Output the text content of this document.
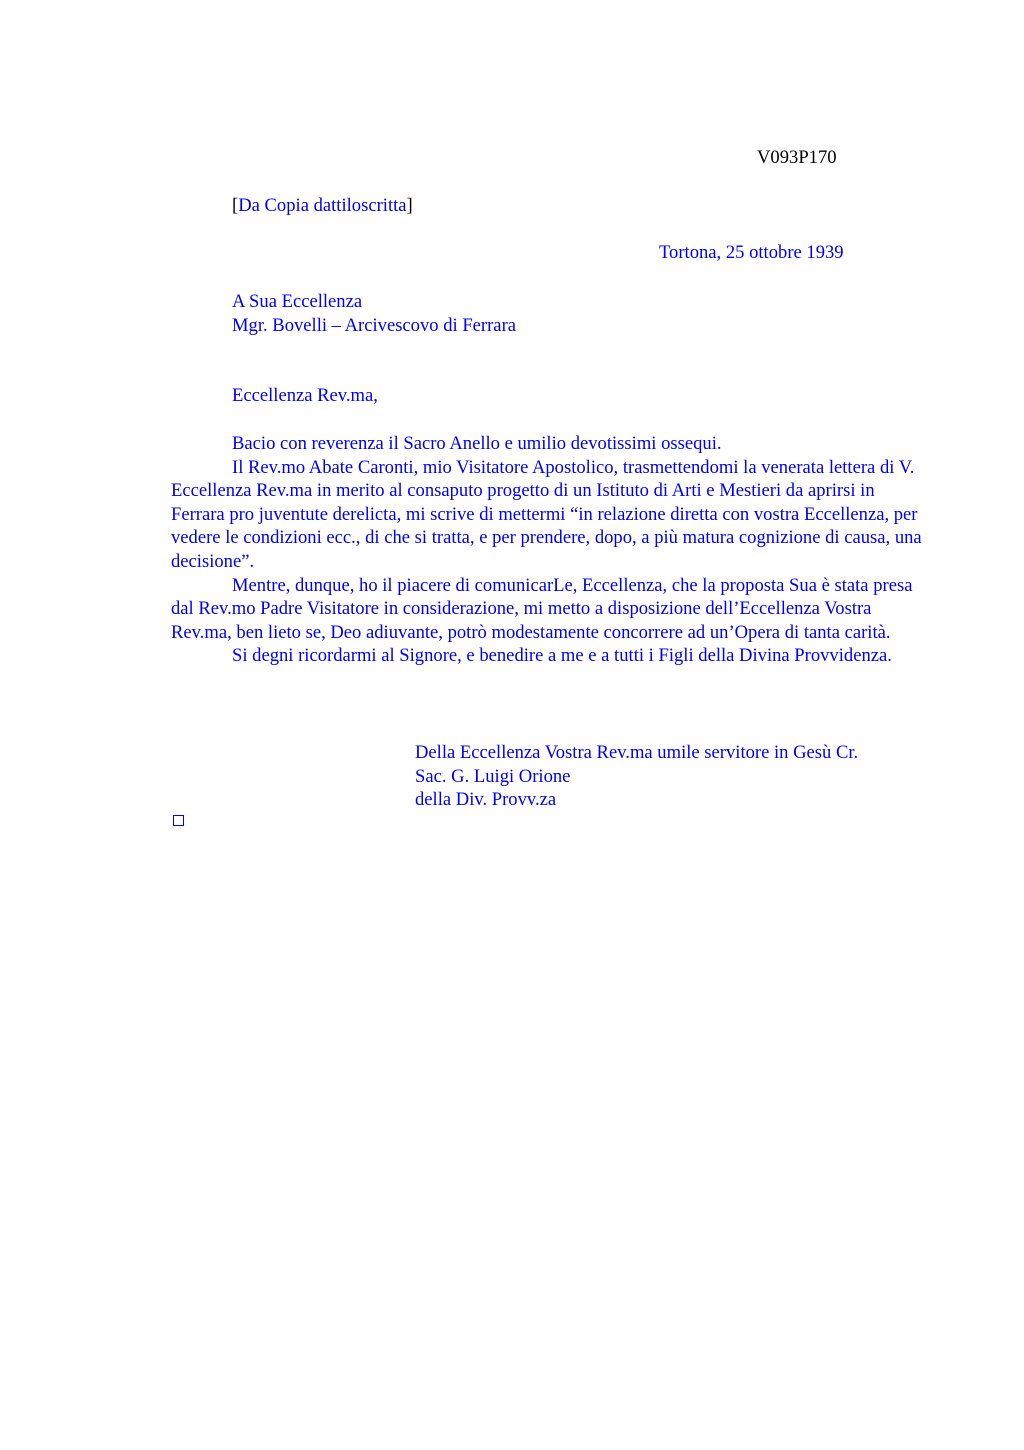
V093P170
[Da Copia dattiloscritta]
Tortona, 25 ottobre 1939
A Sua Eccellenza
Mgr. Bovelli – Arcivescovo di Ferrara
Eccellenza Rev.ma,

Bacio con reverenza il Sacro Anello e umilio devotissimi ossequi.

Il Rev.mo Abate Caronti, mio Visitatore Apostolico, trasmettendomi la venerata lettera di V. Eccellenza Rev.ma in merito al consaputo progetto di un Istituto di Arti e Mestieri da aprirsi in Ferrara pro juventute derelicta, mi scrive di mettermi “in relazione diretta con vostra Eccellenza, per vedere le condizioni ecc., di che si tratta, e per prendere, dopo, a più matura cognizione di causa, una decisione”.

Mentre, dunque, ho il piacere di comunicarLe, Eccellenza, che la proposta Sua è stata presa dal Rev.mo Padre Visitatore in considerazione, mi metto a disposizione dell’Eccellenza Vostra Rev.ma, ben lieto se, Deo adiuvante, potrò modestamente concorrere ad un’Opera di tanta carità.

Si degni ricordarmi al Signore, e benedire a me e a tutti i Figli della Divina Provvidenza.

Della Eccellenza Vostra Rev.ma umile servitore in Gesù Cr.
Sac. G. Luigi Orione
della Div. Provv.za
